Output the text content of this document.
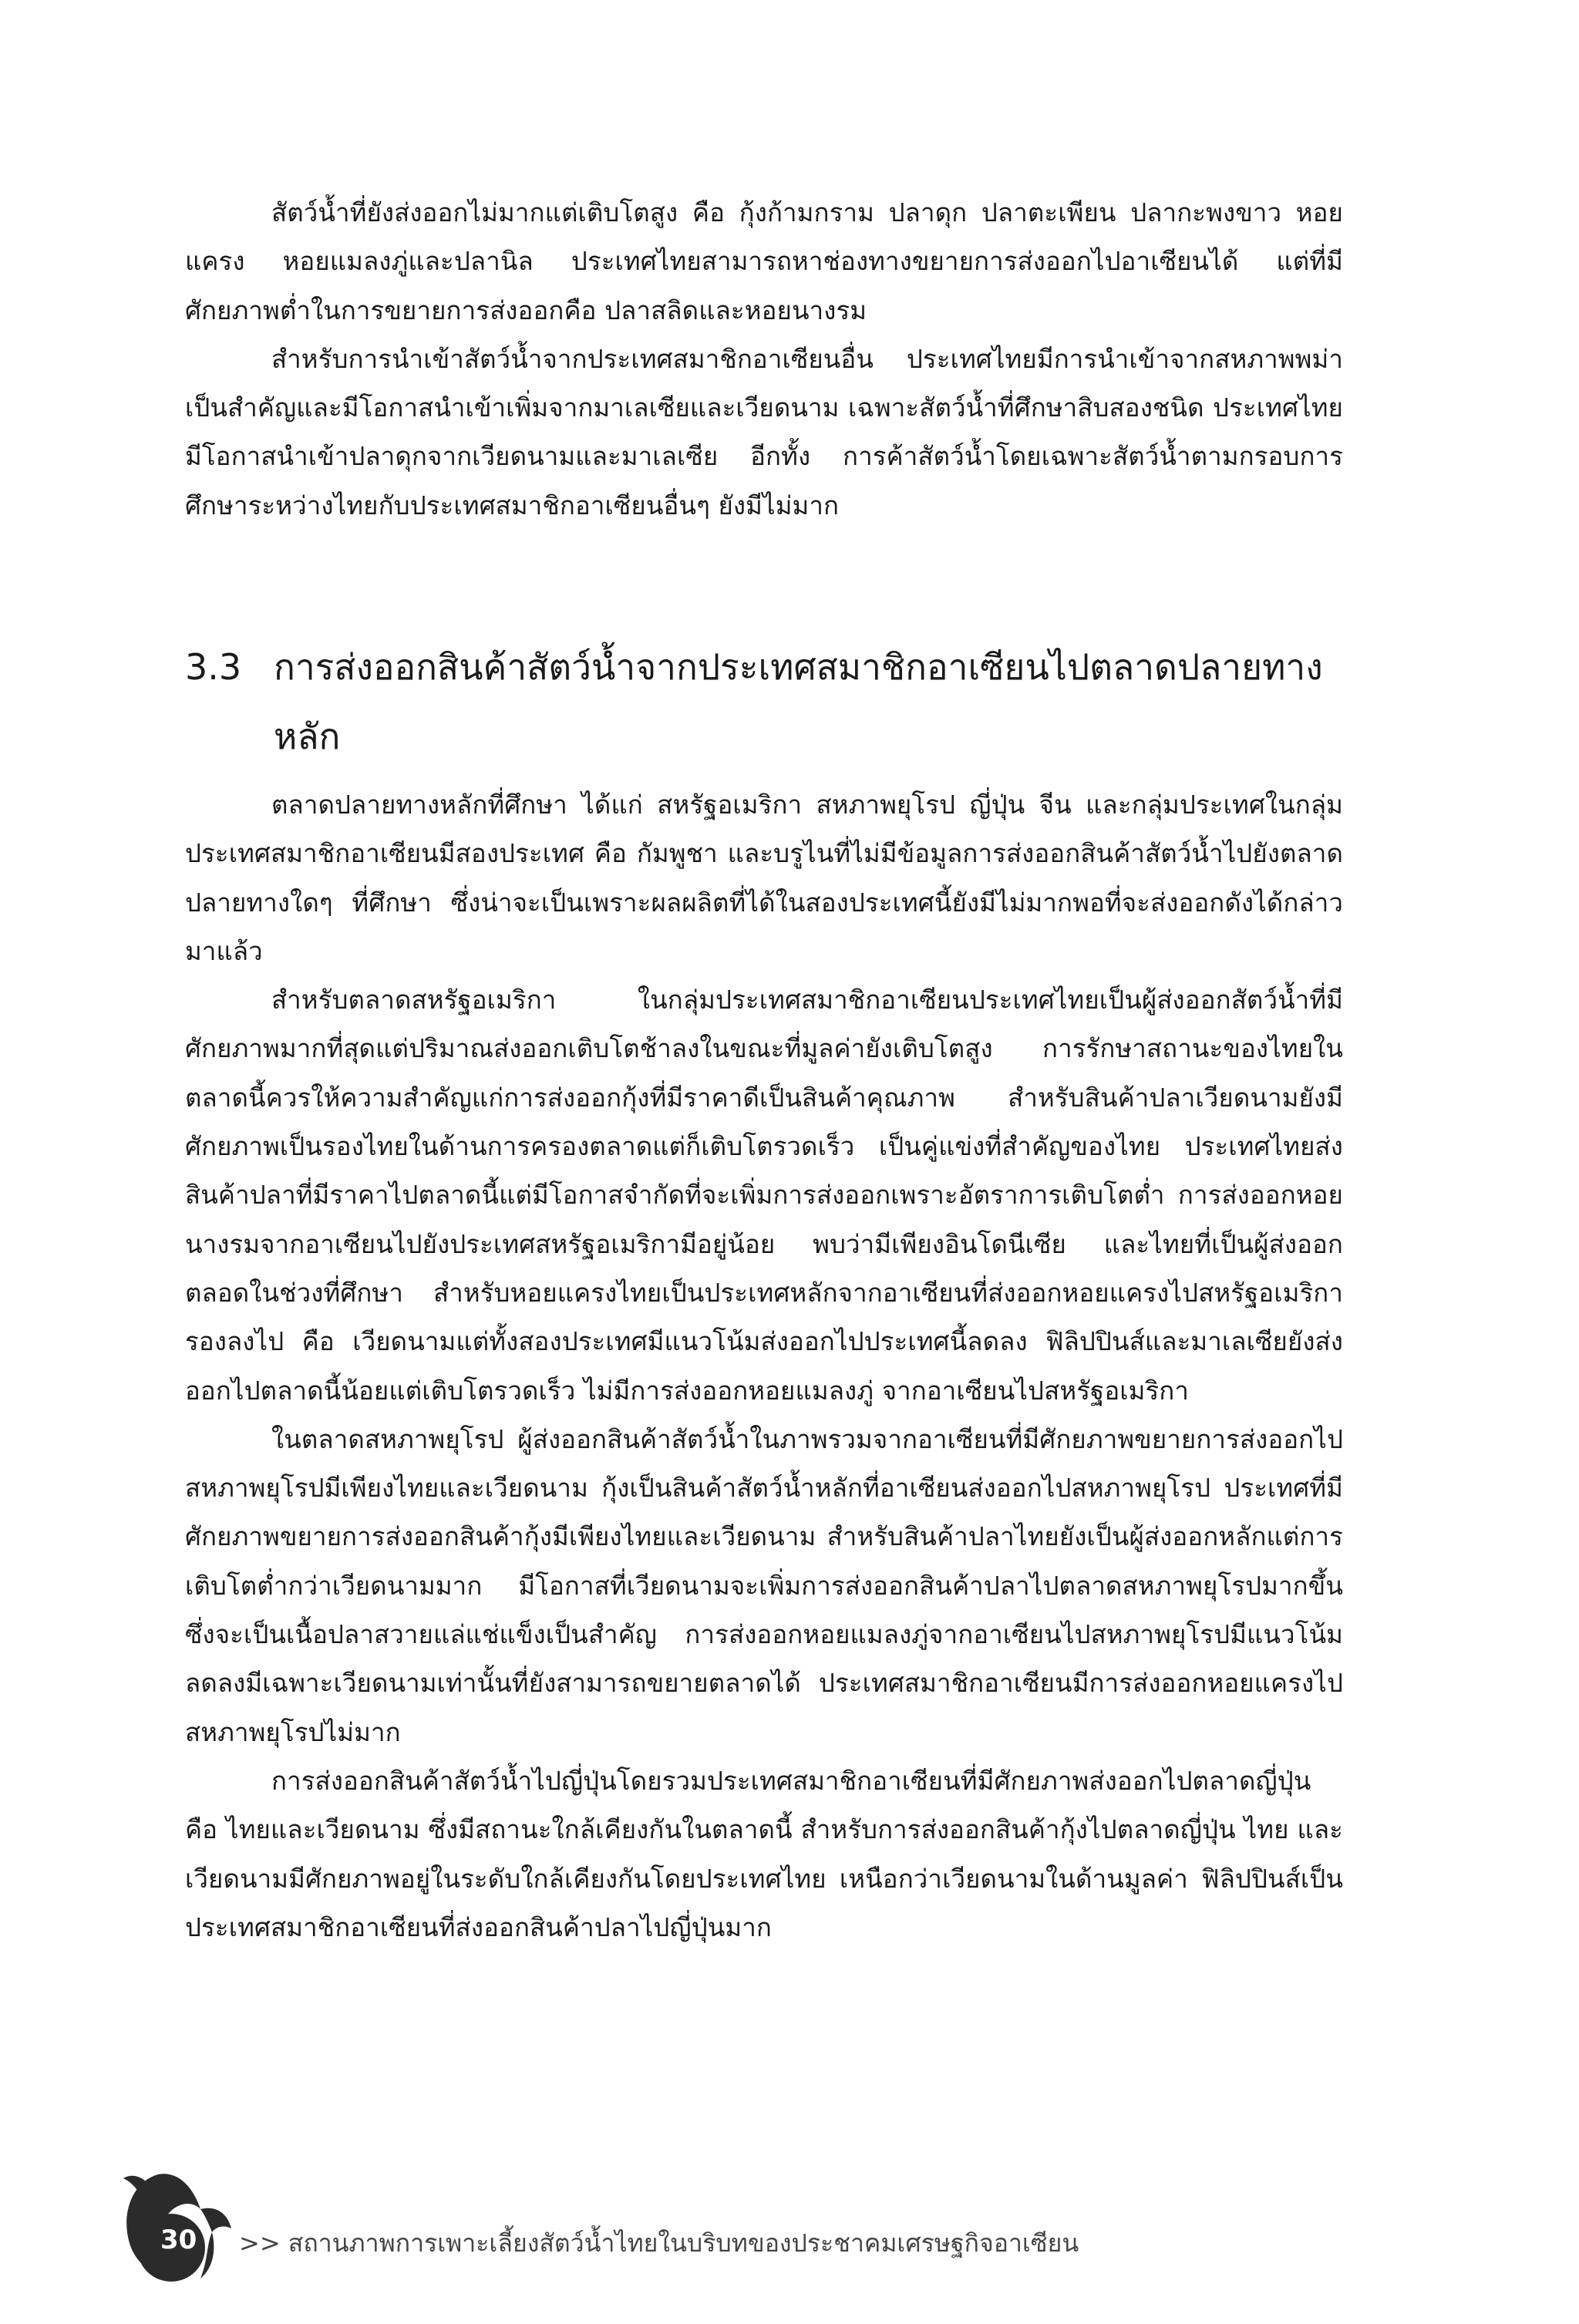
สัตว์น้ำที่ยังส่งออกไม่มากแต่เติบโตสูง คือ กุ้งก้ามกราม ปลาดุก ปลาตะเพียน ปลากะพงขาว หอยแครง หอยแมลงภู่และปลานิล ประเทศไทยสามารถหาช่องทางขยายการส่งออกไปอาเซียนได้ แต่ที่มีศักยภาพต่ำในการขยายการส่งออกคือ ปลาสลิดและหอยนางรม

สำหรับการนำเข้าสัตว์น้ำจากประเทศสมาชิกอาเซียนอื่น ประเทศไทยมีการนำเข้าจากสหภาพพม่าเป็นสำคัญและมีโอกาสนำเข้าเพิ่มจากมาเลเซียและเวียดนาม เฉพาะสัตว์น้ำที่ศึกษาสิบสองชนิด ประเทศไทยมีโอกาสนำเข้าปลาดุกจากเวียดนามและมาเลเซีย อีกทั้ง การค้าสัตว์น้ำโดยเฉพาะสัตว์น้ำตามกรอบการศึกษาระหว่างไทยกับประเทศสมาชิกอาเซียนอื่นๆ ยังมีไม่มาก

3.3 การส่งออกสินค้าสัตว์น้ำจากประเทศสมาชิกอาเซียนไปตลาดปลายทางหลัก

ตลาดปลายทางหลักที่ศึกษา ได้แก่ สหรัฐอเมริกา สหภาพยุโรป ญี่ปุ่น จีน และกลุ่มประเทศในกลุ่มประเทศสมาชิกอาเซียนมีสองประเทศ คือ กัมพูชา และบรูไนที่ไม่มีข้อมูลการส่งออกสินค้าสัตว์น้ำไปยังตลาดปลายทางใดๆ ที่ศึกษา ซึ่งน่าจะเป็นเพราะผลผลิตที่ได้ในสองประเทศนี้ยังมีไม่มากพอที่จะส่งออกดังได้กล่าวมาแล้ว

สำหรับตลาดสหรัฐอเมริกา ในกลุ่มประเทศสมาชิกอาเซียนประเทศไทยเป็นผู้ส่งออกสัตว์น้ำที่มีศักยภาพมากที่สุดแต่ปริมาณส่งออกเติบโตช้าลงในขณะที่มูลค่ายังเติบโตสูง การรักษาสถานะของไทยในตลาดนี้ควรให้ความสำคัญแก่การส่งออกกุ้งที่มีราคาดีเป็นสินค้าคุณภาพ สำหรับสินค้าปลาเวียดนามยังมีศักยภาพเป็นรองไทยในด้านการครองตลาดแต่ก็เติบโตรวดเร็ว เป็นคู่แข่งที่สำคัญของไทย ประเทศไทยส่งสินค้าปลาที่มีราคาไปตลาดนี้แต่มีโอกาสจำกัดที่จะเพิ่มการส่งออกเพราะอัตราการเติบโตต่ำ การส่งออกหอยนางรมจากอาเซียนไปยังประเทศสหรัฐอเมริกามีอยู่น้อย พบว่ามีเพียงอินโดนีเซีย และไทยที่เป็นผู้ส่งออกตลอดในช่วงที่ศึกษา สำหรับหอยแครงไทยเป็นประเทศหลักจากอาเซียนที่ส่งออกหอยแครงไปสหรัฐอเมริการองลงไป คือ เวียดนามแต่ทั้งสองประเทศมีแนวโน้มส่งออกไปประเทศนี้ลดลง ฟิลิปปินส์และมาเลเซียยังส่งออกไปตลาดนี้น้อยแต่เติบโตรวดเร็ว ไม่มีการส่งออกหอยแมลงภู่ จากอาเซียนไปสหรัฐอเมริกา

ในตลาดสหภาพยุโรป ผู้ส่งออกสินค้าสัตว์น้ำในภาพรวมจากอาเซียนที่มีศักยภาพขยายการส่งออกไปสหภาพยุโรปมีเพียงไทยและเวียดนาม กุ้งเป็นสินค้าสัตว์น้ำหลักที่อาเซียนส่งออกไปสหภาพยุโรป ประเทศที่มีศักยภาพขยายการส่งออกสินค้ากุ้งมีเพียงไทยและเวียดนาม สำหรับสินค้าปลาไทยยังเป็นผู้ส่งออกหลักแต่การเติบโตต่ำกว่าเวียดนามมาก มีโอกาสที่เวียดนามจะเพิ่มการส่งออกสินค้าปลาไปตลาดสหภาพยุโรปมากขึ้นซึ่งจะเป็นเนื้อปลาสวายแล่แช่แข็งเป็นสำคัญ การส่งออกหอยแมลงภู่จากอาเซียนไปสหภาพยุโรปมีแนวโน้มลดลงมีเฉพาะเวียดนามเท่านั้นที่ยังสามารถขยายตลาดได้ ประเทศสมาชิกอาเซียนมีการส่งออกหอยแครงไปสหภาพยุโรปไม่มาก

การส่งออกสินค้าสัตว์น้ำไปญี่ปุ่นโดยรวมประเทศสมาชิกอาเซียนที่มีศักยภาพส่งออกไปตลาดญี่ปุ่น คือ ไทยและเวียดนาม ซึ่งมีสถานะใกล้เคียงกันในตลาดนี้ สำหรับการส่งออกสินค้ากุ้งไปตลาดญี่ปุ่น ไทย และเวียดนามมีศักยภาพอยู่ในระดับใกล้เคียงกันโดยประเทศไทย เหนือกว่าเวียดนามในด้านมูลค่า ฟิลิปปินส์เป็นประเทศสมาชิกอาเซียนที่ส่งออกสินค้าปลาไปญี่ปุ่นมาก

30 >> สถานภาพการเพาะเลี้ยงสัตว์น้ำไทยในบริบทของประชาคมเศรษฐกิจอาเซียน
